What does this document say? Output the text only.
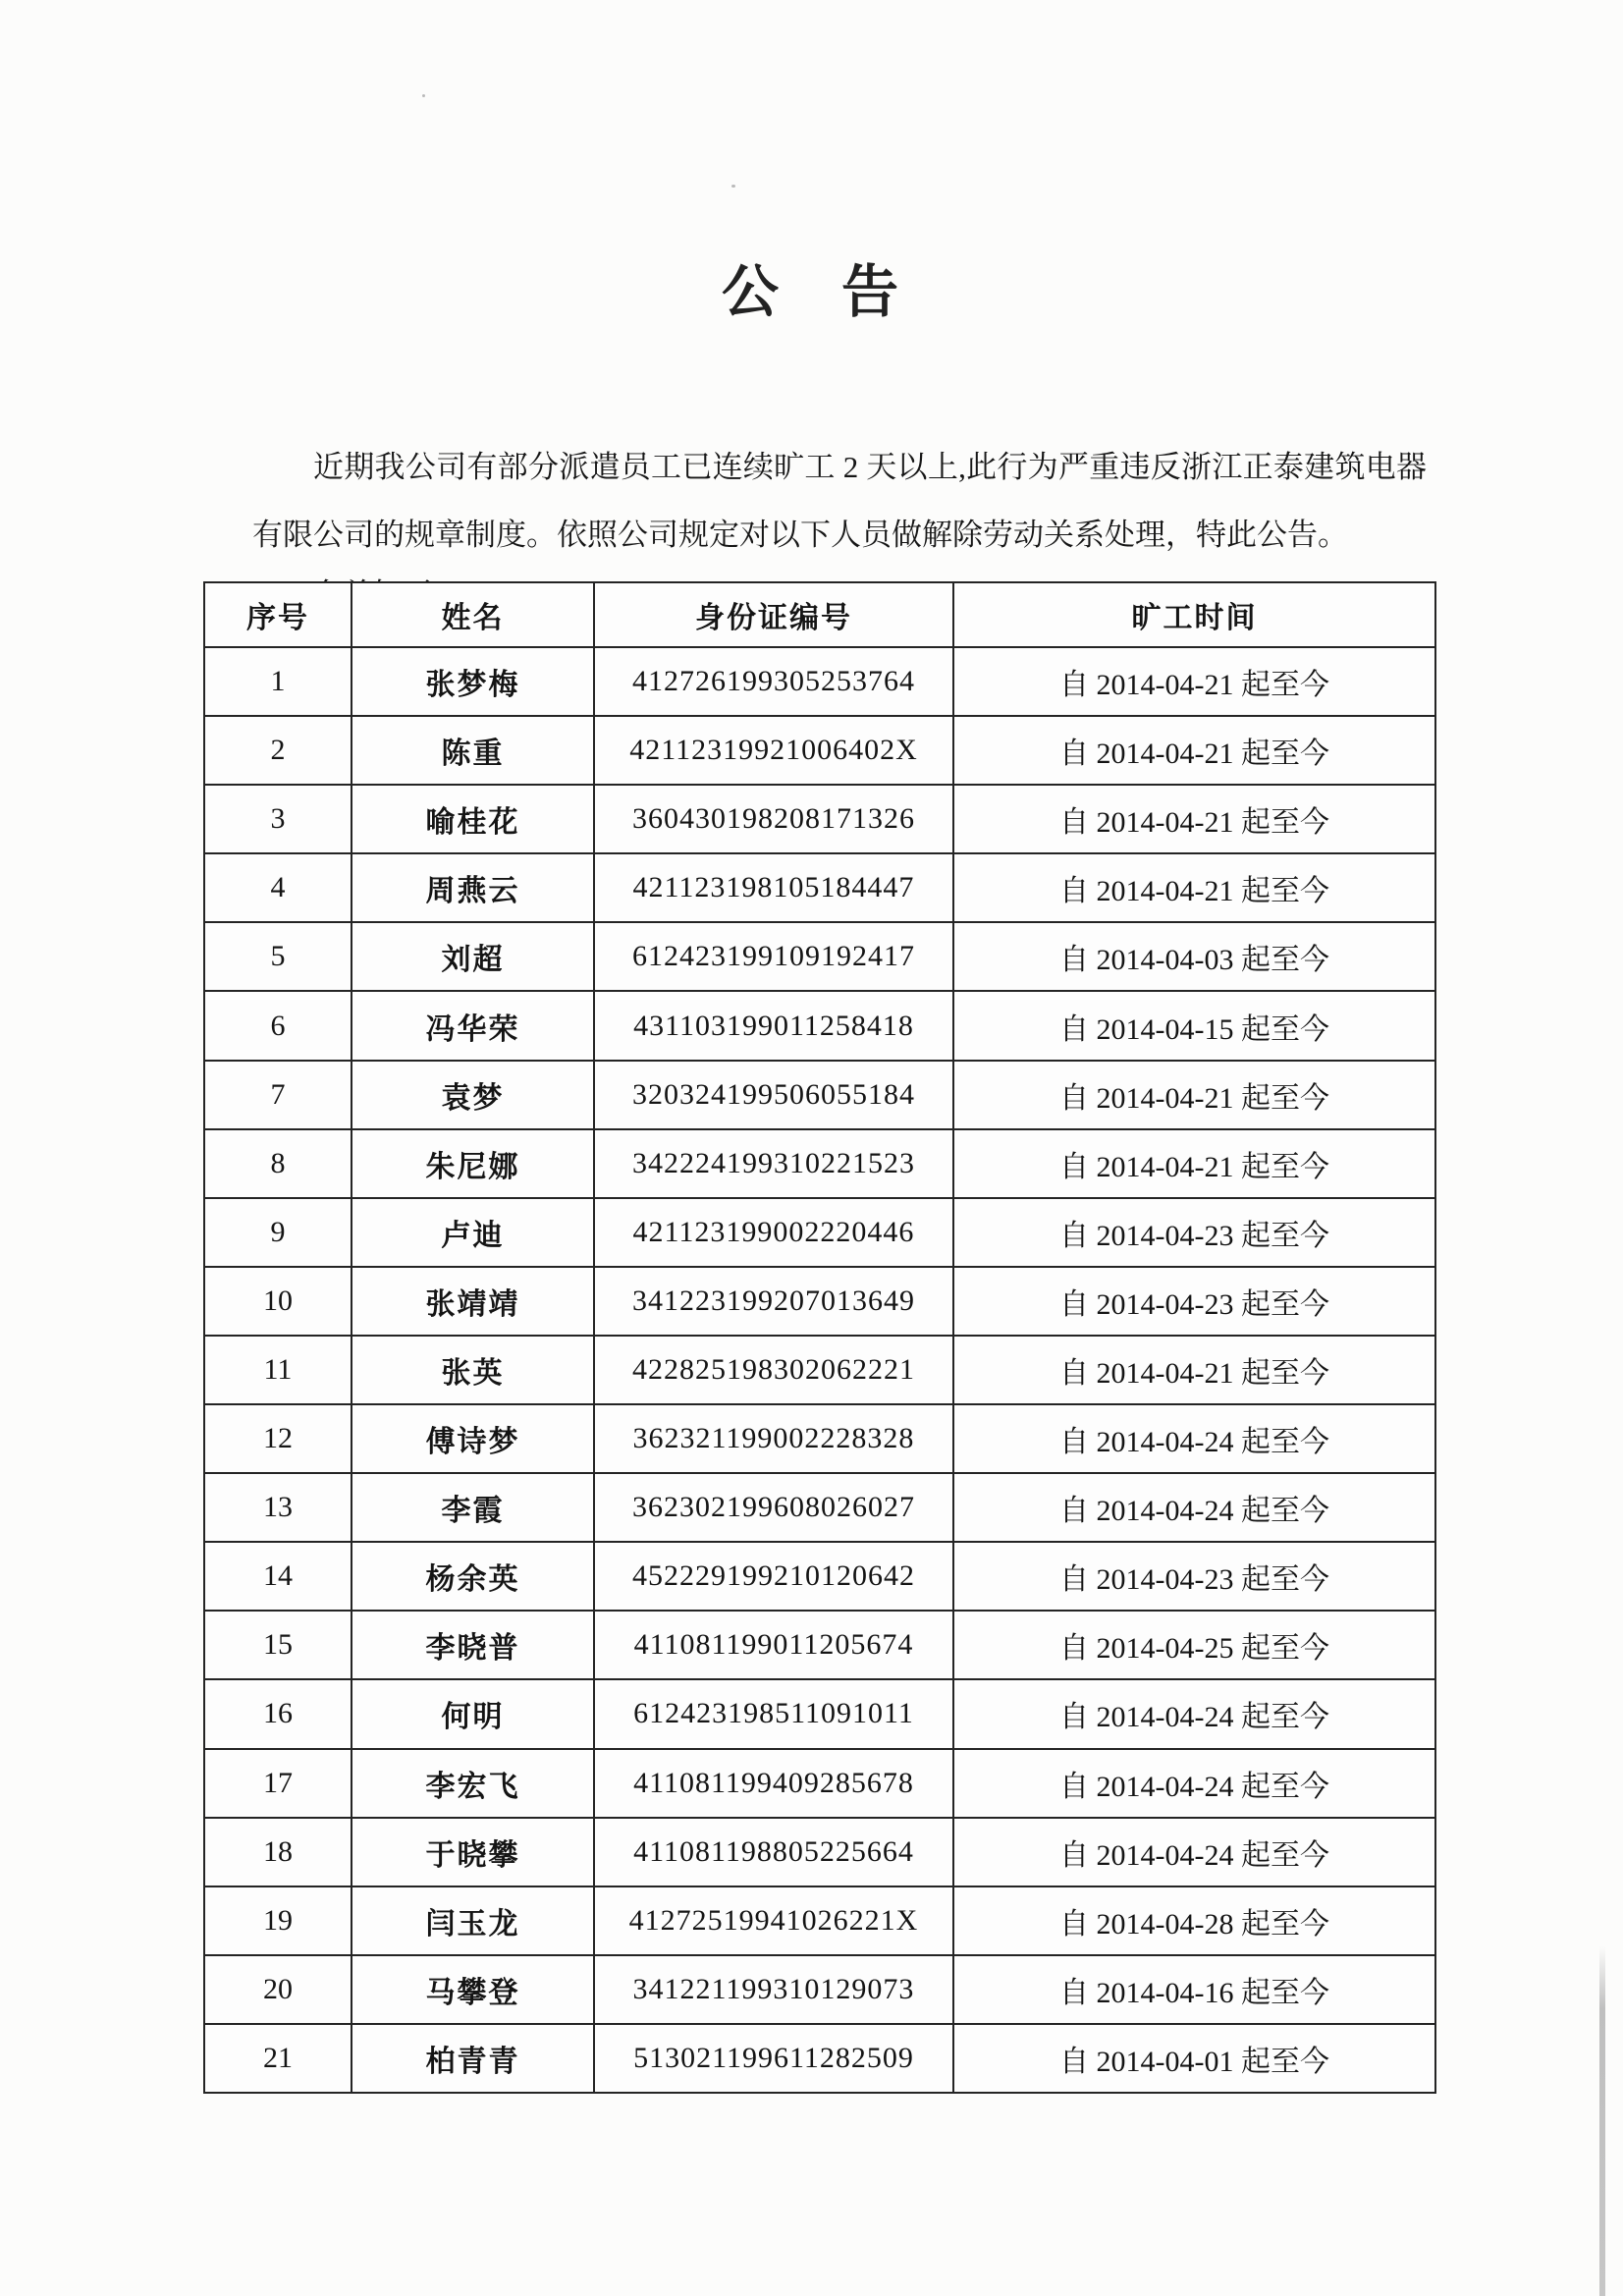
公　告

近期我公司有部分派遣员工已连续旷工 2 天以上,此行为严重违反浙江正泰建筑电器有限公司的规章制度。依照公司规定对以下人员做解除劳动关系处理，特此公告。

序号	姓名	身份证编号	旷工时间
1	张梦梅	412726199305253764	自 2014-04-21 起至今
2	陈重	42112319921006402X	自 2014-04-21 起至今
3	喻桂花	360430198208171326	自 2014-04-21 起至今
4	周燕云	421123198105184447	自 2014-04-21 起至今
5	刘超	612423199109192417	自 2014-04-03 起至今
6	冯华荣	431103199011258418	自 2014-04-15 起至今
7	袁梦	320324199506055184	自 2014-04-21 起至今
8	朱尼娜	342224199310221523	自 2014-04-21 起至今
9	卢迪	421123199002220446	自 2014-04-23 起至今
10	张靖靖	341223199207013649	自 2014-04-23 起至今
11	张英	422825198302062221	自 2014-04-21 起至今
12	傅诗梦	362321199002228328	自 2014-04-24 起至今
13	李霞	362302199608026027	自 2014-04-24 起至今
14	杨余英	452229199210120642	自 2014-04-23 起至今
15	李晓普	411081199011205674	自 2014-04-25 起至今
16	何明	612423198511091011	自 2014-04-24 起至今
17	李宏飞	411081199409285678	自 2014-04-24 起至今
18	于晓攀	411081198805225664	自 2014-04-24 起至今
19	闫玉龙	41272519941026221X	自 2014-04-28 起至今
20	马攀登	341221199310129073	自 2014-04-16 起至今
21	柏青青	513021199611282509	自 2014-04-01 起至今
